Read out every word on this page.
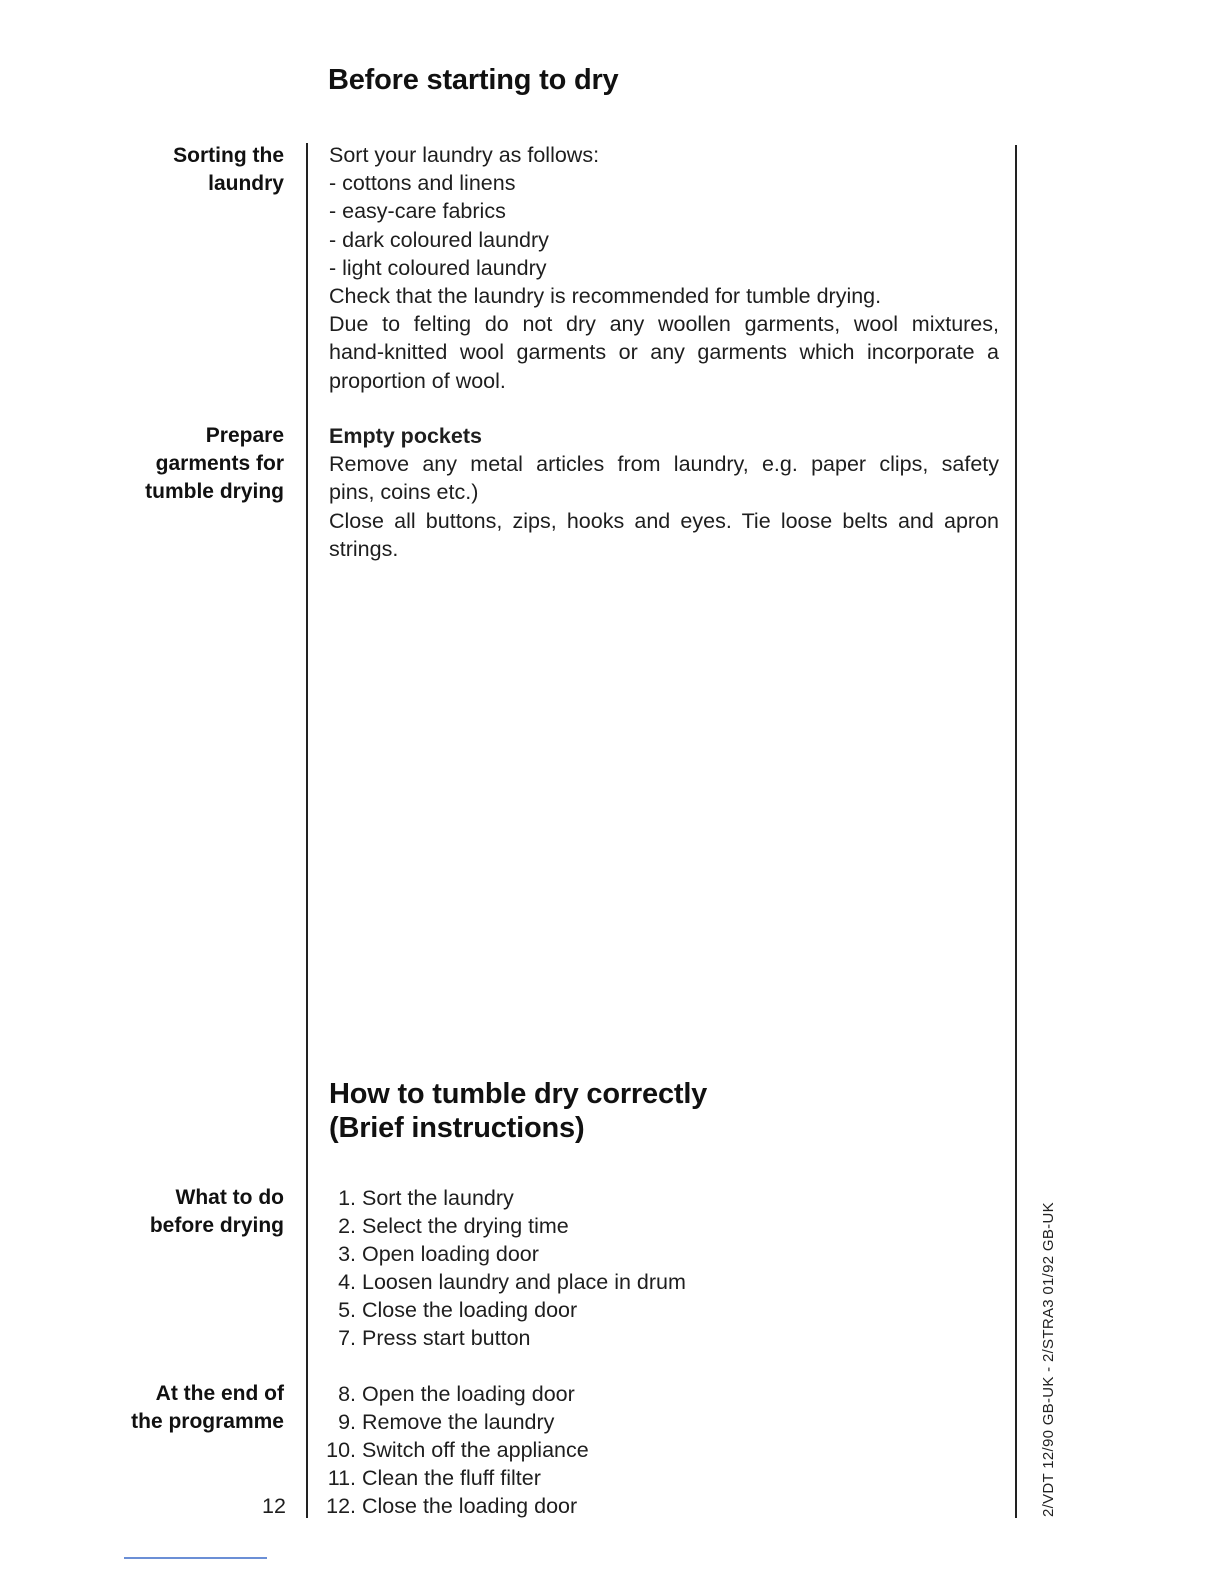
Before starting to dry
Sorting the
laundry
Sort your laundry as follows:
- cottons and linens
- easy-care fabrics
- dark coloured laundry
- light coloured laundry
Check that the laundry is recommended for tumble drying.
Due to felting do not dry any woollen garments, wool mixtures,
hand-knitted wool garments or any garments which incorporate a
proportion of wool.
Prepare
garments for
tumble drying
Empty pockets
Remove any metal articles from laundry, e.g. paper clips, safety
pins, coins etc.)
Close all buttons, zips, hooks and eyes. Tie loose belts and apron
strings.
How to tumble dry correctly
(Brief instructions)
What to do
before drying
1. Sort the laundry
2. Select the drying time
3. Open loading door
4. Loosen laundry and place in drum
5. Close the loading door
7. Press start button
At the end of
the programme
8. Open the loading door
9. Remove the laundry
10. Switch off the appliance
11. Clean the fluff filter
12. Close the loading door
12	2/VDT 12/90 GB-UK - 2/STRA3 01/92 GB-UK
